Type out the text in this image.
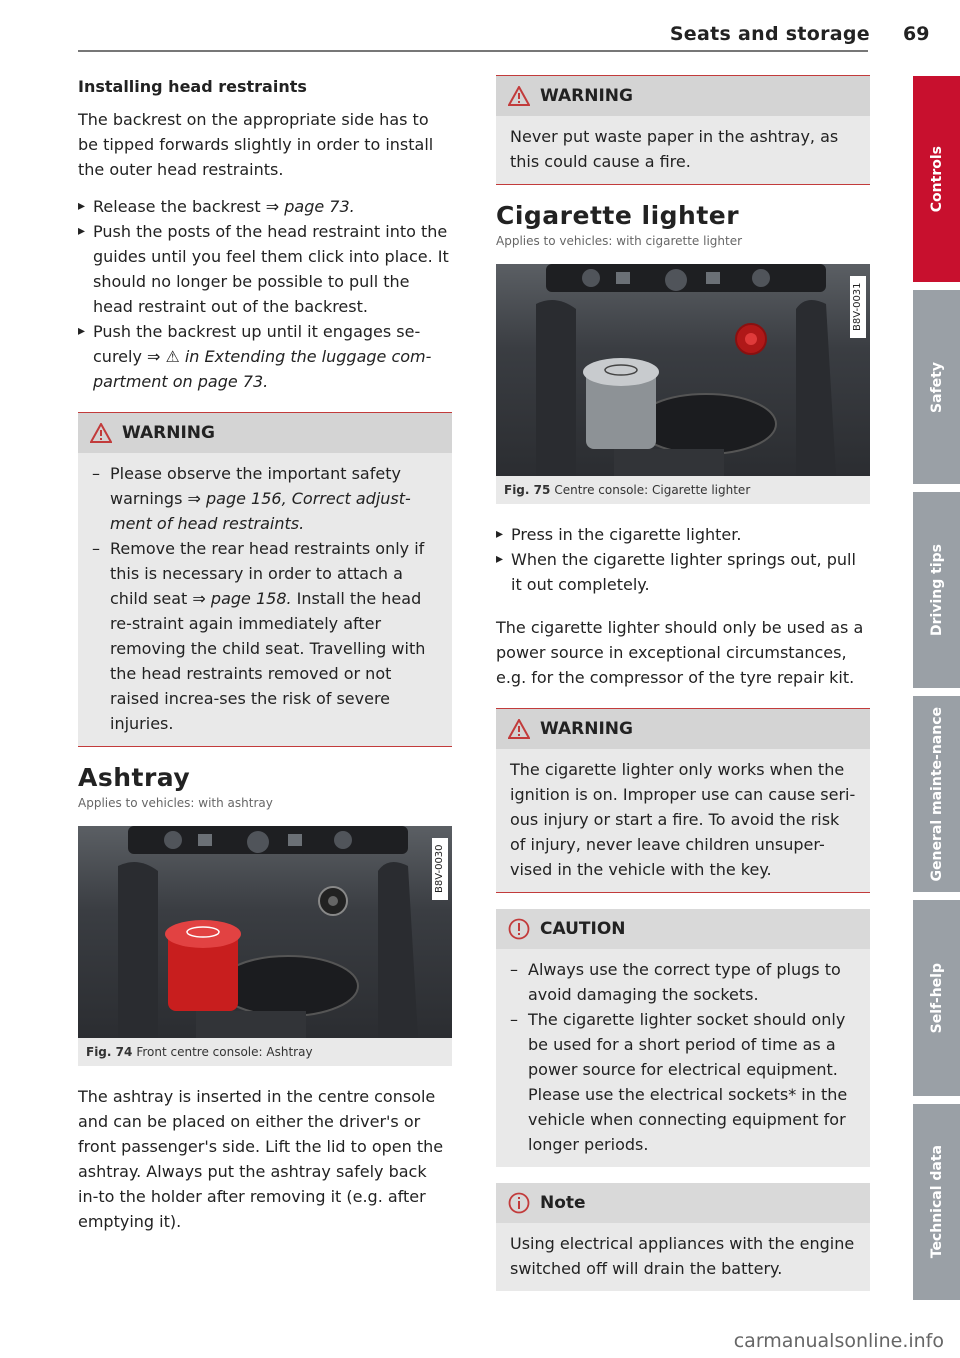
Seats and storage 69
Installing head restraints

The backrest on the appropriate side has to be tipped forwards slightly in order to install the outer head restraints.

▸ Release the backrest ⇒ page 73.
▸ Push the posts of the head restraint into the guides until you feel them click into place. It should no longer be possible to pull the head restraint out of the backrest.
▸ Push the backrest up until it engages se-curely ⇒ ⚠ in Extending the luggage com-partment on page 73.
WARNING
– Please observe the important safety warnings ⇒ page 156, Correct adjust-ment of head restraints.
– Remove the rear head restraints only if this is necessary in order to attach a child seat ⇒ page 158. Install the head re-straint again immediately after removing the child seat. Travelling with the head restraints removed or not raised increa-ses the risk of severe injuries.
Ashtray
Applies to vehicles: with ashtray
B8V-0030
Fig. 74 Front centre console: Ashtray

The ashtray is inserted in the centre console and can be placed on either the driver's or front passenger's side. Lift the lid to open the ashtray. Always put the ashtray safely back in-to the holder after removing it (e.g. after emptying it).

WARNING

Never put waste paper in the ashtray, as this could cause a fire.

Cigarette lighter
Applies to vehicles: with cigarette lighter
B8V-0031
Fig. 75 Centre console: Cigarette lighter
▸ Press in the cigarette lighter.
▸ When the cigarette lighter springs out, pull it out completely.

The cigarette lighter should only be used as a power source in exceptional circumstances, e.g. for the compressor of the tyre repair kit.

WARNING

The cigarette lighter only works when the ignition is on. Improper use can cause seri-ous injury or start a fire. To avoid the risk of injury, never leave children unsuper-vised in the vehicle with the key.

CAUTION
– Always use the correct type of plugs to avoid damaging the sockets.
– The cigarette lighter socket should only be used for a short period of time as a power source for electrical equipment. Please use the electrical sockets* in the vehicle when connecting equipment for longer periods.
Note

Using electrical appliances with the engine switched off will drain the battery.

Controls
Safety
Driving tips
General mainte-nance
Self-help
Technical data
carmanualsonline.info
